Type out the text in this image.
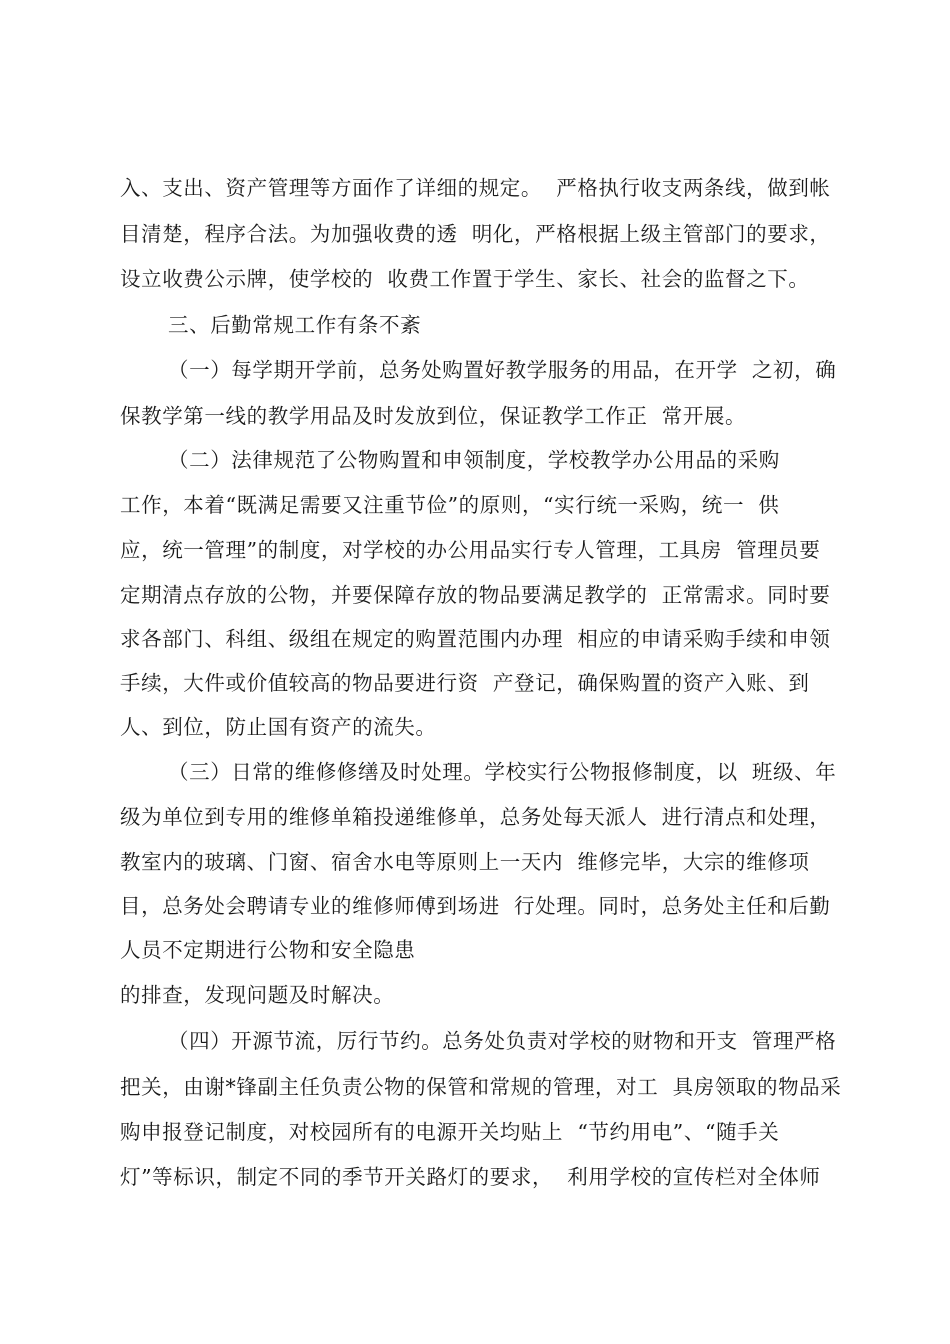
入、支出、资产管理等方面作了详细的规定。  严格执行收支两条线，做到帐
目清楚，程序合法。为加强收费的透  明化，严格根据上级主管部门的要求，
设立收费公示牌，使学校的  收费工作置于学生、家长、社会的监督之下。
三、后勤常规工作有条不紊
（一）每学期开学前，总务处购置好教学服务的用品，在开学  之初，确
保教学第一线的教学用品及时发放到位，保证教学工作正  常开展。
（二）法律规范了公物购置和申领制度，学校教学办公用品的采购
工作，本着“既满足需要又注重节俭”的原则，“实行统一采购，统一  供
应，统一管理”的制度，对学校的办公用品实行专人管理，工具房  管理员要
定期清点存放的公物，并要保障存放的物品要满足教学的  正常需求。同时要
求各部门、科组、级组在规定的购置范围内办理  相应的申请采购手续和申领
手续，大件或价值较高的物品要进行资  产登记，确保购置的资产入账、到
人、到位，防止国有资产的流失。
（三）日常的维修修缮及时处理。学校实行公物报修制度，以  班级、年
级为单位到专用的维修单箱投递维修单，总务处每天派人  进行清点和处理，
教室内的玻璃、门窗、宿舍水电等原则上一天内  维修完毕，大宗的维修项
目，总务处会聘请专业的维修师傅到场进  行处理。同时，总务处主任和后勤
人员不定期进行公物和安全隐患
的排查，发现问题及时解决。
（四）开源节流，厉行节约。总务处负责对学校的财物和开支  管理严格
把关，由谢*锋副主任负责公物的保管和常规的管理，对工  具房领取的物品采
购申报登记制度，对校园所有的电源开关均贴上  “节约用电”、“随手关
灯”等标识，制定不同的季节开关路灯的要求，  利用学校的宣传栏对全体师
